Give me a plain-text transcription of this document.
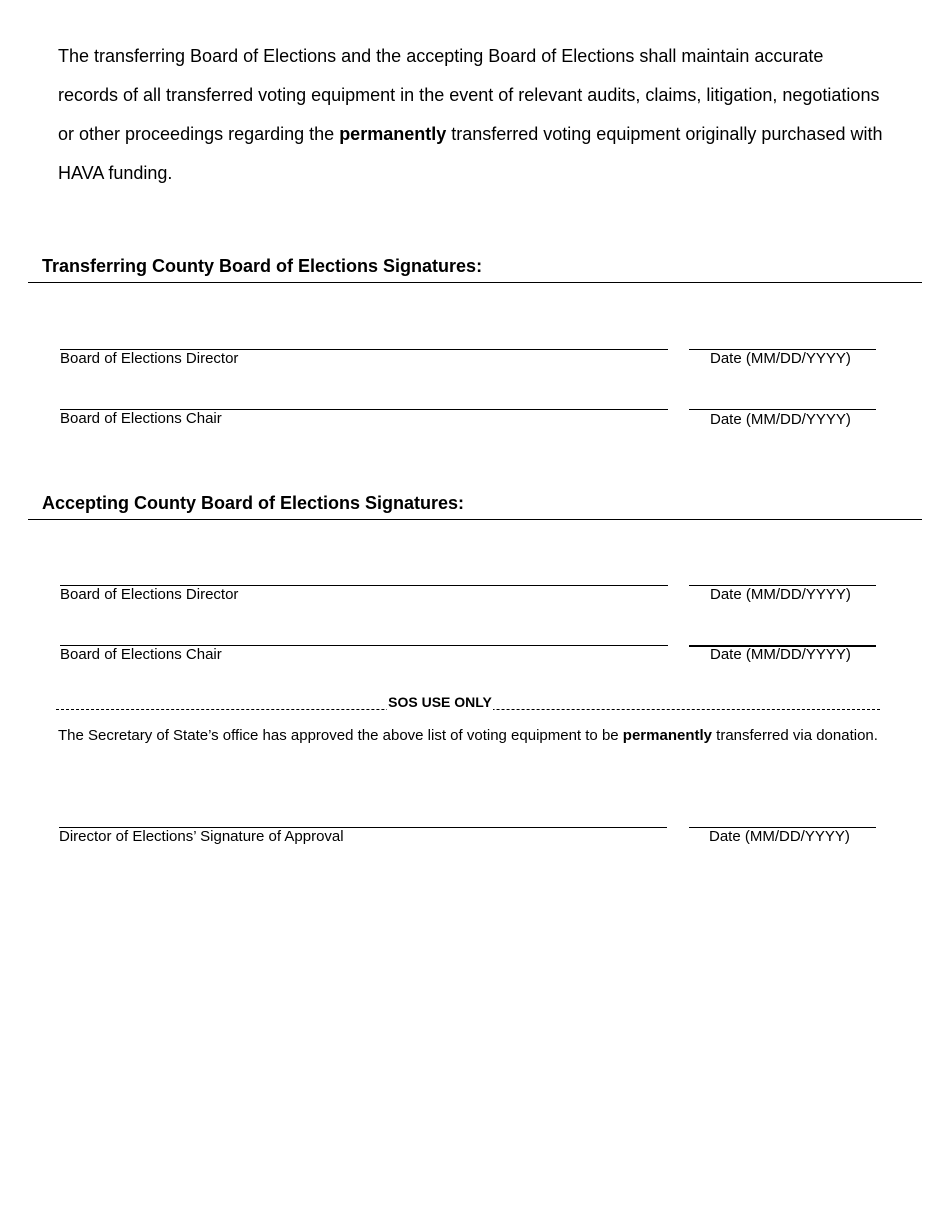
The transferring Board of Elections and the accepting Board of Elections shall maintain accurate records of all transferred voting equipment in the event of relevant audits, claims, litigation, negotiations or other proceedings regarding the permanently transferred voting equipment originally purchased with HAVA funding.

Transferring County Board of Elections Signatures:
Board of Elections Director	Date (MM/DD/YYYY)
Board of Elections Chair	Date (MM/DD/YYYY)
Accepting County Board of Elections Signatures:
Board of Elections Director	Date (MM/DD/YYYY)
Board of Elections Chair	Date (MM/DD/YYYY)
SOS USE ONLY

The Secretary of State’s office has approved the above list of voting equipment to be permanently transferred via donation.

Director of Elections’ Signature of Approval	Date (MM/DD/YYYY)
